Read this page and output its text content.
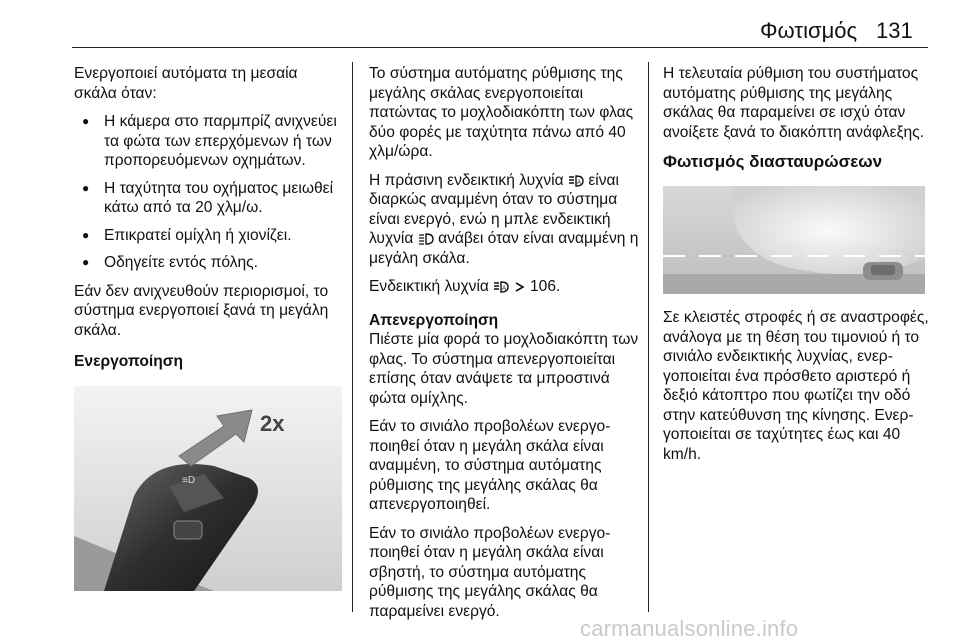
Φωτισμός 131

Ενεργοποιεί αυτόματα τη μεσαία σκάλα όταν:

● Η κάμερα στο παρμπρίζ ανιχνεύει τα φώτα των επερχόμενων ή των προπορευόμενων οχημάτων.
● Η ταχύτητα του οχήματος μειωθεί κάτω από τα 20 χλμ/ω.
● Επικρατεί ομίχλη ή χιονίζει.
● Οδηγείτε εντός πόλης.

Εάν δεν ανιχνευθούν περιορισμοί, το σύστημα ενεργοποιεί ξανά τη μεγάλη σκάλα.

Ενεργοποίηση

≡D
2x

Το σύστημα αυτόματης ρύθμισης της μεγάλης σκάλας ενεργοποιείται πατώντας το μοχλοδιακόπτη των φλας δύο φορές με ταχύτητα πάνω από 40 χλμ/ώρα.

Η πράσινη ενδεικτική λυχνία A είναι διαρκώς αναμμένη όταν το σύστημα είναι ενεργό, ενώ η μπλε ενδεικτική λυχνία ανάβει όταν είναι αναμμένη η μεγάλη σκάλα.

Ενδεικτική λυχνία A 106.

Απενεργοποίηση

Πιέστε μία φορά το μοχλοδιακόπτη των φλας. Το σύστημα απενεργοποιείται επίσης όταν ανάψετε τα μπροστινά φώτα ομίχλης.

Εάν το σινιάλο προβολέων ενεργοποιηθεί όταν η μεγάλη σκάλα είναι αναμμένη, το σύστημα αυτόματης ρύθμισης της μεγάλης σκάλας θα απενεργοποιηθεί.

Εάν το σινιάλο προβολέων ενεργοποιηθεί όταν η μεγάλη σκάλα είναι σβηστή, το σύστημα αυτόματης ρύθμισης της μεγάλης σκάλας θα παραμείνει ενεργό.

Η τελευταία ρύθμιση του συστήματος αυτόματης ρύθμισης της μεγάλης σκάλας θα παραμείνει σε ισχύ όταν ανοίξετε ξανά το διακόπτη ανάφλεξης.

Φωτισμός διασταυρώσεων

Σε κλειστές στροφές ή σε αναστροφές, ανάλογα με τη θέση του τιμονιού ή το σινιάλο ενδεικτικής λυχνίας, ενεργοποιείται ένα πρόσθετο αριστερό ή δεξιό κάτοπτρο που φωτίζει την οδό στην κατεύθυνση της κίνησης. Ενεργοποιείται σε ταχύτητες έως και 40 km/h.

carmanualsonline.info
